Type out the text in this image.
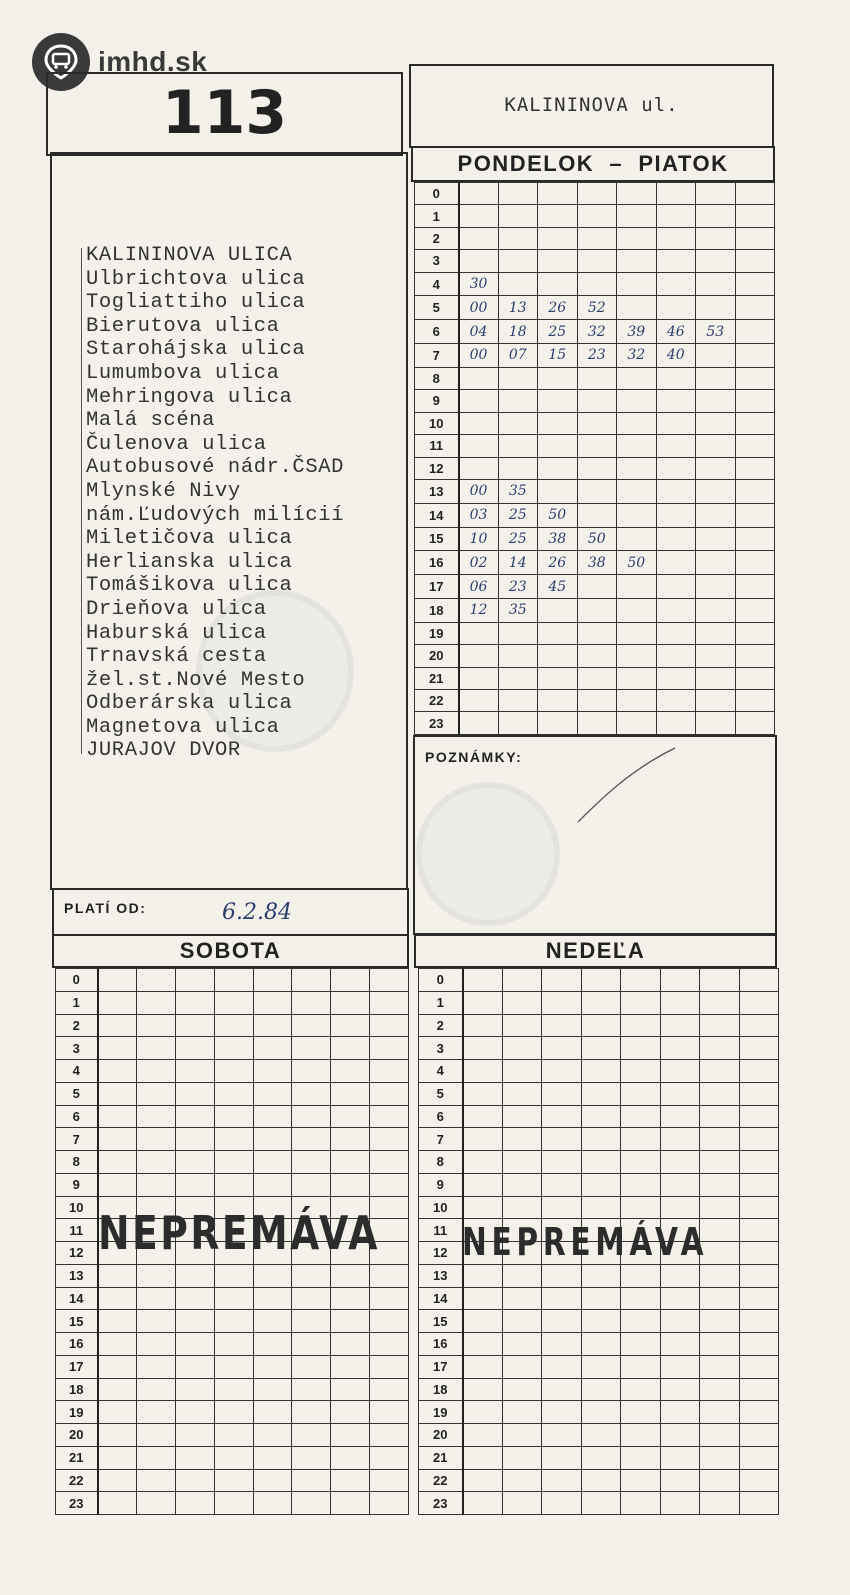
imhd.sk
113	KALININOVA ul.
KALININOVA ULICA
Ulbrichtova ulica
Togliattiho ulica
Bierutova ulica
Starohájska ulica
Lumumbova ulica
Mehringova ulica
Malá scéna
Čulenova ulica
Autobusové nádr.ČSAD
Mlynské Nivy
nám.Ľudových milícií
Miletičova ulica
Herlianska ulica
Tomášikova ulica
Drieňova ulica
Haburská ulica
Trnavská cesta
žel.st.Nové Mesto
Odberárska ulica
Magnetova ulica
JURAJOV DVOR
PONDELOK  –  PIATOK
0								
1								
2								
3								
4	30							
5	00	13	26	52				
6	04	18	25	32	39	46	53	
7	00	07	15	23	32	40		
8								
9								
10								
11								
12								
13	00	35						
14	03	25	50					
15	10	25	38	50				
16	02	14	26	38	50			
17	06	23	45					
18	12	35						
19								
20								
21								
22								
23								
POZNÁMKY:
PLATÍ OD:	6.2.84
SOBOTA
0								
1								
2								
3								
4								
5								
6								
7								
8								
9								
10								
11								
12								
13								
14								
15								
16								
17								
18								
19								
20								
21								
22								
23								
NEPREMÁVA
NEDEĽA
0								
1								
2								
3								
4								
5								
6								
7								
8								
9								
10								
11								
12								
13								
14								
15								
16								
17								
18								
19								
20								
21								
22								
23								
NEPREMÁVA
